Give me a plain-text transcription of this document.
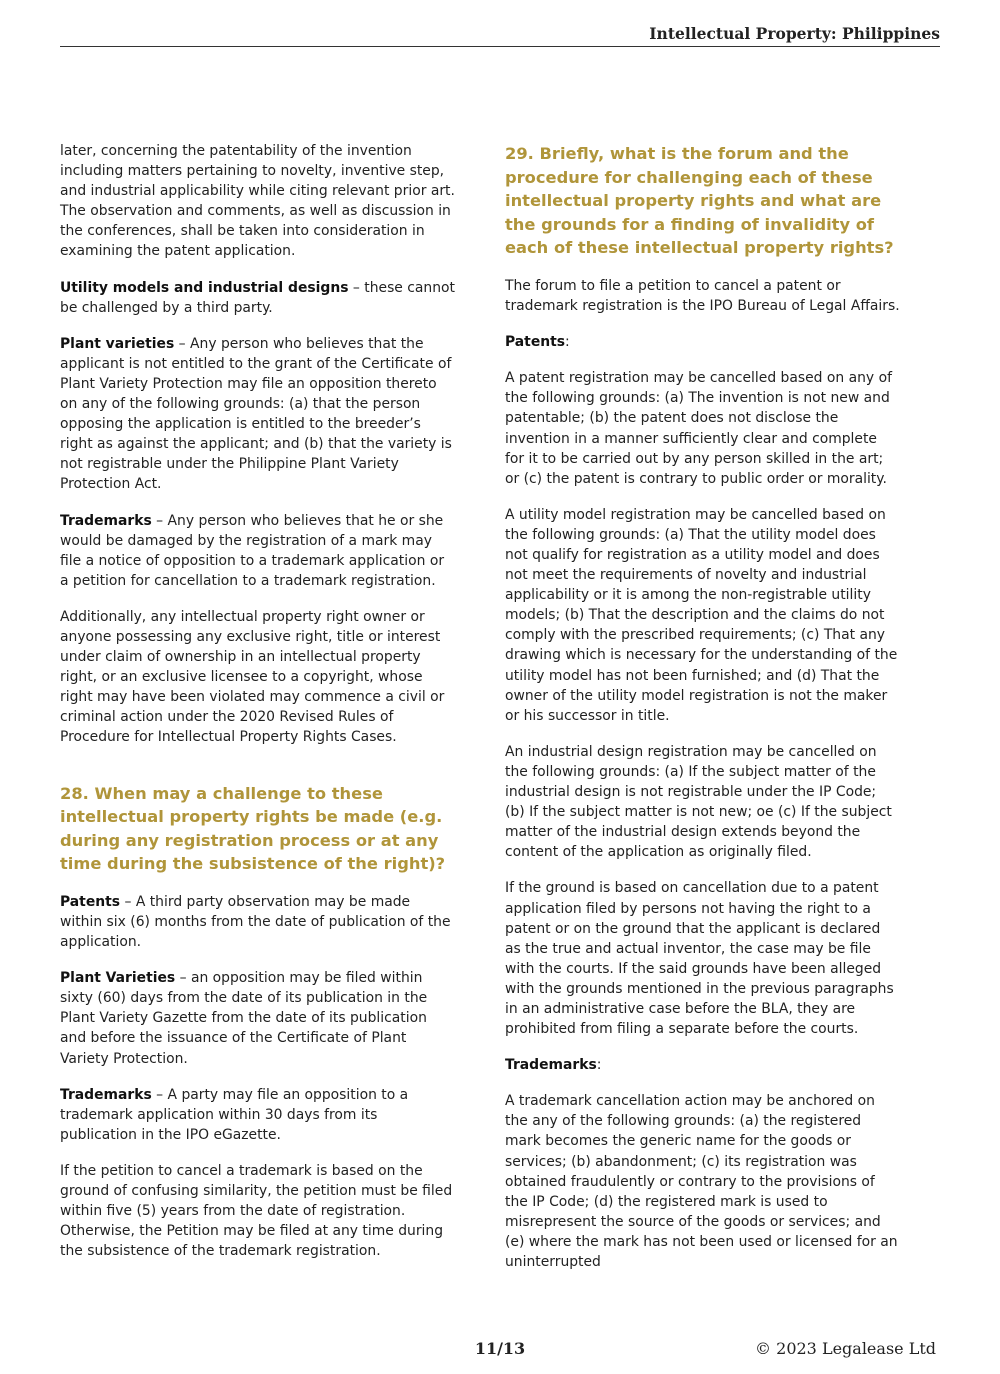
Intellectual Property: Philippines

later, concerning the patentability of the invention including matters pertaining to novelty, inventive step, and industrial applicability while citing relevant prior art. The observation and comments, as well as discussion in the conferences, shall be taken into consideration in examining the patent application.

Utility models and industrial designs – these cannot be challenged by a third party.

Plant varieties – Any person who believes that the applicant is not entitled to the grant of the Certificate of Plant Variety Protection may file an opposition thereto on any of the following grounds: (a) that the person opposing the application is entitled to the breeder’s right as against the applicant; and (b) that the variety is not registrable under the Philippine Plant Variety Protection Act.

Trademarks – Any person who believes that he or she would be damaged by the registration of a mark may file a notice of opposition to a trademark application or a petition for cancellation to a trademark registration.

Additionally, any intellectual property right owner or anyone possessing any exclusive right, title or interest under claim of ownership in an intellectual property right, or an exclusive licensee to a copyright, whose right may have been violated may commence a civil or criminal action under the 2020 Revised Rules of Procedure for Intellectual Property Rights Cases.

28. When may a challenge to these intellectual property rights be made (e.g. during any registration process or at any time during the subsistence of the right)?

Patents – A third party observation may be made within six (6) months from the date of publication of the application.

Plant Varieties – an opposition may be filed within sixty (60) days from the date of its publication in the Plant Variety Gazette from the date of its publication and before the issuance of the Certificate of Plant Variety Protection.

Trademarks – A party may file an opposition to a trademark application within 30 days from its publication in the IPO eGazette.

If the petition to cancel a trademark is based on the ground of confusing similarity, the petition must be filed within five (5) years from the date of registration. Otherwise, the Petition may be filed at any time during the subsistence of the trademark registration.

29. Briefly, what is the forum and the procedure for challenging each of these intellectual property rights and what are the grounds for a finding of invalidity of each of these intellectual property rights?

The forum to file a petition to cancel a patent or trademark registration is the IPO Bureau of Legal Affairs.

Patents:

A patent registration may be cancelled based on any of the following grounds: (a) The invention is not new and patentable; (b) the patent does not disclose the invention in a manner sufficiently clear and complete for it to be carried out by any person skilled in the art; or (c) the patent is contrary to public order or morality.

A utility model registration may be cancelled based on the following grounds: (a) That the utility model does not qualify for registration as a utility model and does not meet the requirements of novelty and industrial applicability or it is among the non-registrable utility models; (b) That the description and the claims do not comply with the prescribed requirements; (c) That any drawing which is necessary for the understanding of the utility model has not been furnished; and (d) That the owner of the utility model registration is not the maker or his successor in title.

An industrial design registration may be cancelled on the following grounds: (a) If the subject matter of the industrial design is not registrable under the IP Code; (b) If the subject matter is not new; oe (c) If the subject matter of the industrial design extends beyond the content of the application as originally filed.

If the ground is based on cancellation due to a patent application filed by persons not having the right to a patent or on the ground that the applicant is declared as the true and actual inventor, the case may be file with the courts. If the said grounds have been alleged with the grounds mentioned in the previous paragraphs in an administrative case before the BLA, they are prohibited from filing a separate before the courts.

Trademarks:

A trademark cancellation action may be anchored on the any of the following grounds: (a) the registered mark becomes the generic name for the goods or services; (b) abandonment; (c) its registration was obtained fraudulently or contrary to the provisions of the IP Code; (d) the registered mark is used to misrepresent the source of the goods or services; and (e) where the mark has not been used or licensed for an uninterrupted

11/13	© 2023 Legalease Ltd
